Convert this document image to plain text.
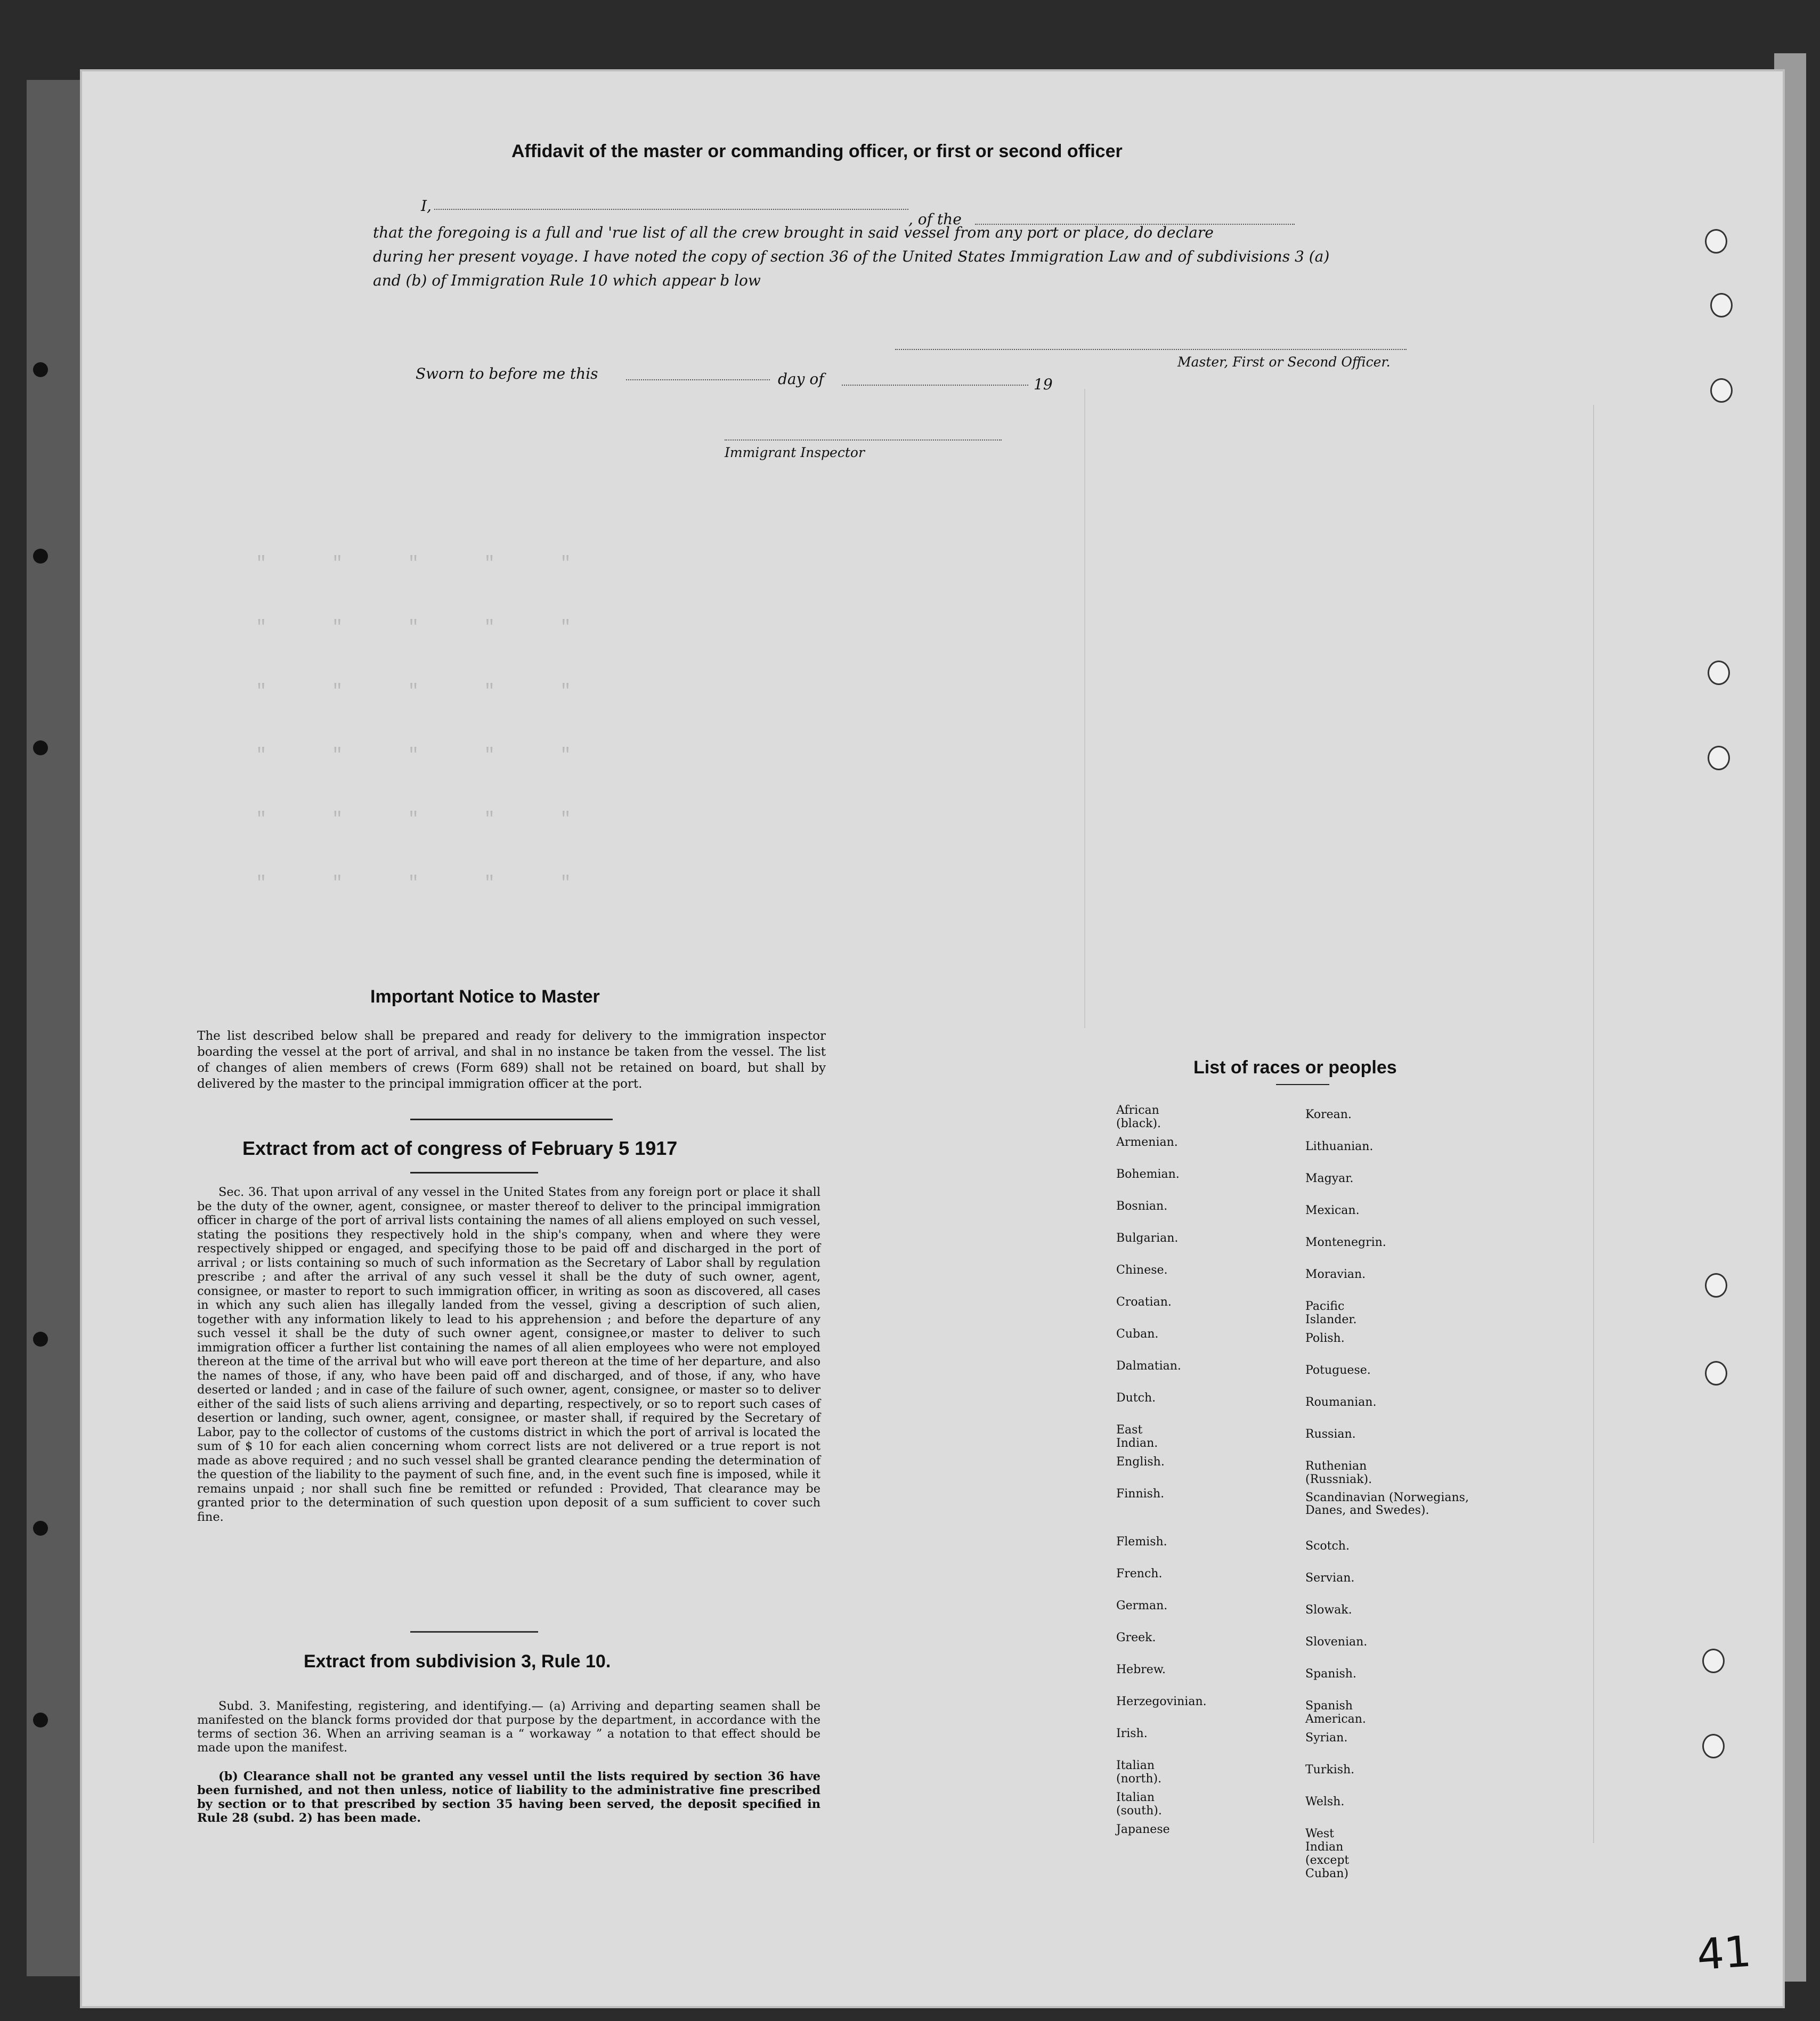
"      "      "      "      "
"      "      "      "      "
"      "      "      "      "
"      "      "      "      "
"      "      "      "      "
"      "      "      "      "
Affidavit of the master or commanding officer, or first or second officer
I,
, of the
that the foregoing is a full and 'rue list of all the crew brought in said vessel from any port or place, do declare
during her present voyage. I have noted the copy of section 36 of the United States Immigration Law and of subdivisions 3 (a)
and (b) of Immigration Rule 10 which appear b low
Master, First or Second Officer.
Sworn to before me this	day of	19
Immigrant Inspector
Important Notice to Master
The list described below shall be prepared and ready for delivery to the immigration inspector boarding the vessel at the port of arrival, and shal in no instance be taken from the vessel. The list of changes of alien members of crews (Form 689) shall not be retained on board, but shall by delivered by the master to the principal immigration officer at the port.
Extract from act of congress of February 5 1917
Sec. 36. That upon arrival of any vessel in the United States from any foreign port or place it shall be the duty of the owner, agent, consignee, or master thereof to deliver to the principal immigration officer in charge of the port of arrival lists containing the names of all aliens employed on such vessel, stating the positions they respectively hold in the ship's company, when and where they were respectively shipped or engaged, and specifying those to be paid off and discharged in the port of arrival ; or lists containing so much of such information as the Secretary of Labor shall by regulation prescribe ; and after the arrival of any such vessel it shall be the duty of such owner, agent, consignee, or master to report to such immigration officer, in writing as soon as discovered, all cases in which any such alien has illegally landed from the vessel, giving a description of such alien, together with any information likely to lead to his apprehension ; and before the departure of any such vessel it shall be the duty of such owner agent, consignee,or master to deliver to such immigration officer a further list containing the names of all alien employees who were not employed thereon at the time of the arrival but who will eave port thereon at the time of her departure, and also the names of those, if any, who have been paid off and discharged, and of those, if any, who have deserted or landed ; and in case of the failure of such owner, agent, consignee, or master so to deliver either of the said lists of such aliens arriving and departing, respectively, or so to report such cases of desertion or landing, such owner, agent, consignee, or master shall, if required by the Secretary of Labor, pay to the collector of customs of the customs district in which the port of arrival is located the sum of $ 10 for each alien concerning whom correct lists are not delivered or a true report is not made as above required ; and no such vessel shall be granted clearance pending the determination of the question of the liability to the payment of such fine, and, in the event such fine is imposed, while it remains unpaid ; nor shall such fine be remitted or refunded : Provided, That clearance may be granted prior to the determination of such question upon deposit of a sum sufficient to cover such fine.
Extract from subdivision 3, Rule 10.
Subd. 3. Manifesting, registering, and identifying.— (a) Arriving and departing seamen shall be manifested on the blanck forms provided dor that purpose by the department, in accordance with the terms of section 36. When an arriving seaman is a “ workaway ” a notation to that effect should be made upon the manifest.
(b) Clearance shall not be granted any vessel until the lists required by section 36 have been furnished, and not then unless, notice of liability to the administrative fine prescribed by section or to that prescribed by section 35 having been served, the deposit specified in Rule 28 (subd. 2) has been made.
List of races or peoples
African (black).
Armenian.
Bohemian.
Bosnian.
Bulgarian.
Chinese.
Croatian.
Cuban.
Dalmatian.
Dutch.
East Indian.
English.
Finnish.
Flemish.
French.
German.
Greek.
Hebrew.
Herzegovinian.
Irish.
Italian (north).
Italian (south).
Japanese
Korean.
Lithuanian.
Magyar.
Mexican.
Montenegrin.
Moravian.
Pacific Islander.
Polish.
Potuguese.
Roumanian.
Russian.
Ruthenian (Russniak).
Scandinavian (Norwegians, Danes, and Swedes).
Scotch.
Servian.
Slowak.
Slovenian.
Spanish.
Spanish American.
Syrian.
Turkish.
Welsh.
West Indian (except Cuban)
41
